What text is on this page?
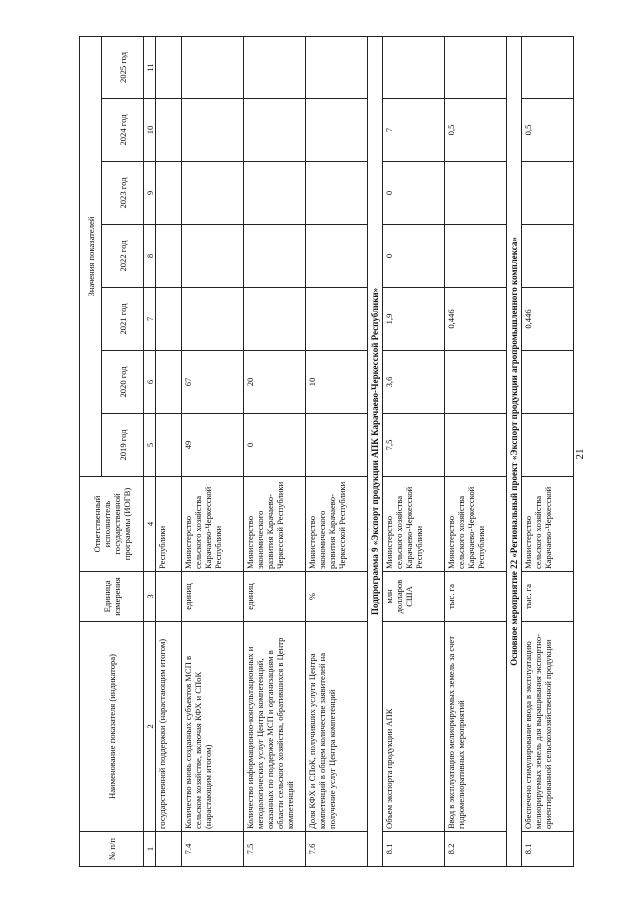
№ п/п	Наименование показателя (индикатора)	Единица измерения	Ответственный исполнитель государственной программы (ИОГВ)	Значения показателей						
				2019 год	2020 год	2021 год	2022 год	2023 год	2024 год	2025 год
1	2	3	4	5	6	7	8	9	10	11
	государственной поддержки (нарастающим итогом)		Республики							
7.4	Количество вновь созданных субъектов МСП в сельском хозяйстве, включая КФХ и СПоК (нарастающим итогом)	единиц	Министерство сельского хозяйства Карачаево-Черкесской Республики	49	67					
7.5	Количество информационно-консультационных и методологических услуг Центра компетенций, оказанных по поддержке МСП и организациям в области сельского хозяйства, обратившихся в Центр компетенций	единиц	Министерство экономического развития Карачаево-Черкесской Республики	0	20					
7.6	Доля КФХ и СПоК, получивших услуги Центра компетенций в общем количестве заявителей на получение услуг Центра компетенций	%	Министерство экономического развития Карачаево-Черкесской Республики		10					
Подпрограмма 9 «Экспорт продукции АПК Карачаево-Черкесской Республики»										
8.1	Объем экспорта продукции АПК	млн долларов США	Министерство сельского хозяйства Карачаево-Черкесской Республики	7,5	3,6	1,9	0	0	7	
8.2	Ввод в эксплуатацию мелиорируемых земель за счет гидромелиоративных мероприятий	тыс. га	Министерство сельского хозяйства Карачаево-Черкесской Республики			0,446			0,5	
Основное мероприятие 22 «Региональный проект «Экспорт продукции агропромышленного комплекса»										
8.1	Обеспечено стимулирование ввода в эксплуатацию мелиорируемых земель для выращивания экспортно-ориентированной сельскохозяйственной продукции	тыс. га	Министерство сельского хозяйства Карачаево-Черкесской			0,446			0,5	
21
